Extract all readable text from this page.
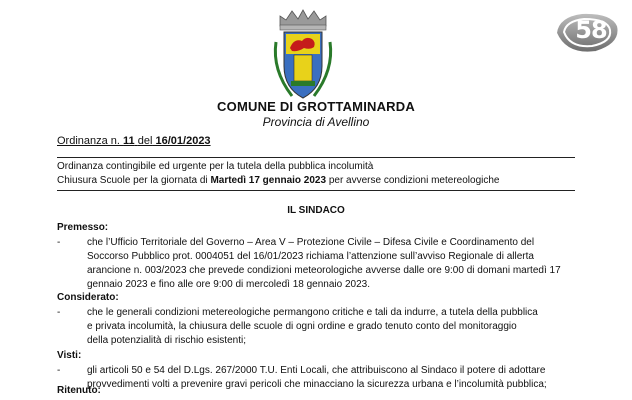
58
COMUNE DI GROTTAMINARDA
Provincia di Avellino
Ordinanza n. 11 del 16/01/2023
Ordinanza contingibile ed urgente per la tutela della pubblica incolumità
Chiusura Scuole per la giornata di Martedì 17 gennaio 2023 per avverse condizioni metereologiche
IL SINDACO
Premesso:
-	che l’Ufficio Territoriale del Governo – Area V – Protezione Civile – Difesa Civile e Coordinamento del
Soccorso Pubblico prot. 0004051 del 16/01/2023 richiama l’attenzione sull’avviso Regionale di allerta
arancione n. 003/2023 che prevede condizioni meteorologiche avverse dalle ore 9:00 di domani martedì 17
gennaio 2023 e fino alle ore 9:00 di mercoledì 18 gennaio 2023.
Considerato:
-	che le generali condizioni metereologiche permangono critiche e tali da indurre, a tutela della pubblica
e privata incolumità, la chiusura delle scuole di ogni ordine e grado tenuto conto del monitoraggio
della potenzialità di rischio esistenti;
Visti:
-	gli articoli 50 e 54 del D.Lgs. 267/2000 T.U. Enti Locali, che attribuiscono al Sindaco il potere di adottare
provvedimenti volti a prevenire gravi pericoli che minacciano la sicurezza urbana e l’incolumità pubblica;
Ritenuto:
